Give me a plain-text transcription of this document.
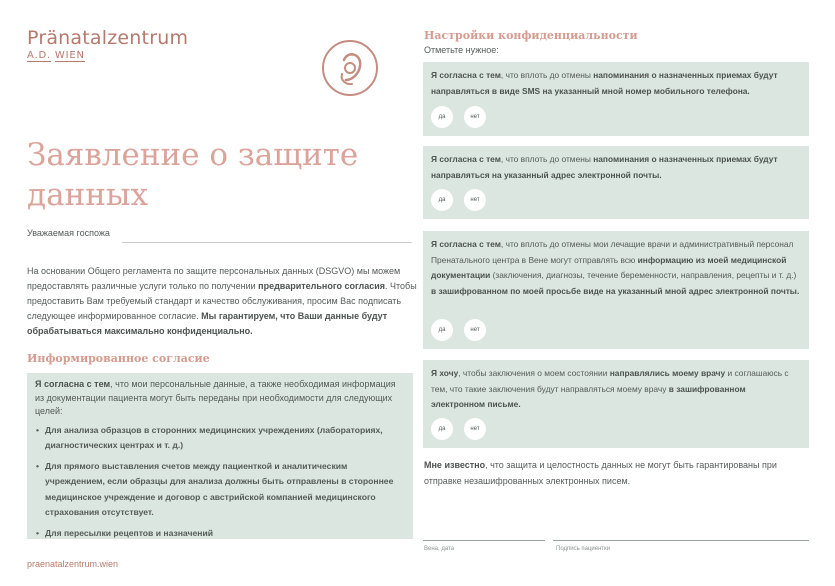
Pränatalzentrum
A.D. WIEN
Заявление о защите данных
Уважаемая госпожа

На основании Общего регламента по защите персональных данных (DSGVO) мы можем предоставлять различные услуги только по получении предварительного согласия. Чтобы предоставить Вам требуемый стандарт и качество обслуживания, просим Вас подписать следующее информированное согласие. Мы гарантируем, что Ваши данные будут обрабатываться максимально конфиденциально.

Информированное согласие

Я согласна с тем, что мои персональные данные, а также необходимая информация из документации пациента могут быть переданы при необходимости для следующих целей:

• Для анализа образцов в сторонних медицинских учреждениях (лабораториях, диагностических центрах и т. д.)
• Для прямого выставления счетов между пациенткой и аналитическим учреждением, если образцы для анализа должны быть отправлены в стороннее медицинское учреждение и договор с австрийской компанией медицинского страхования отсутствует.
• Для пересылки рецептов и назначений
praenatalzentrum.wien
Настройки конфиденциальности
Отметьте нужное:
Я согласна с тем, что вплоть до отмены напоминания о назначенных приемах будут направляться в виде SMS на указанный мной номер мобильного телефона.
да	нет
Я согласна с тем, что вплоть до отмены напоминания о назначенных приемах будут направляться на указанный адрес электронной почты.
да	нет
Я согласна с тем, что вплоть до отмены мои лечащие врачи и административный персонал Пренатального центра в Вене могут отправлять всю информацию из моей медицинской документации (заключения, диагнозы, течение беременности, направления, рецепты и т. д.) в зашифрованном по моей просьбе виде на указанный мной адрес электронной почты.
да	нет
Я хочу, чтобы заключения о моем состоянии направлялись моему врачу и соглашаюсь с тем, что такие заключения будут направляться моему врачу в зашифрованном электронном письме.
да	нет

Мне известно, что защита и целостность данных не могут быть гарантированы при отправке незашифрованных электронных писем.

Вена, дата	Подпись пациентки
